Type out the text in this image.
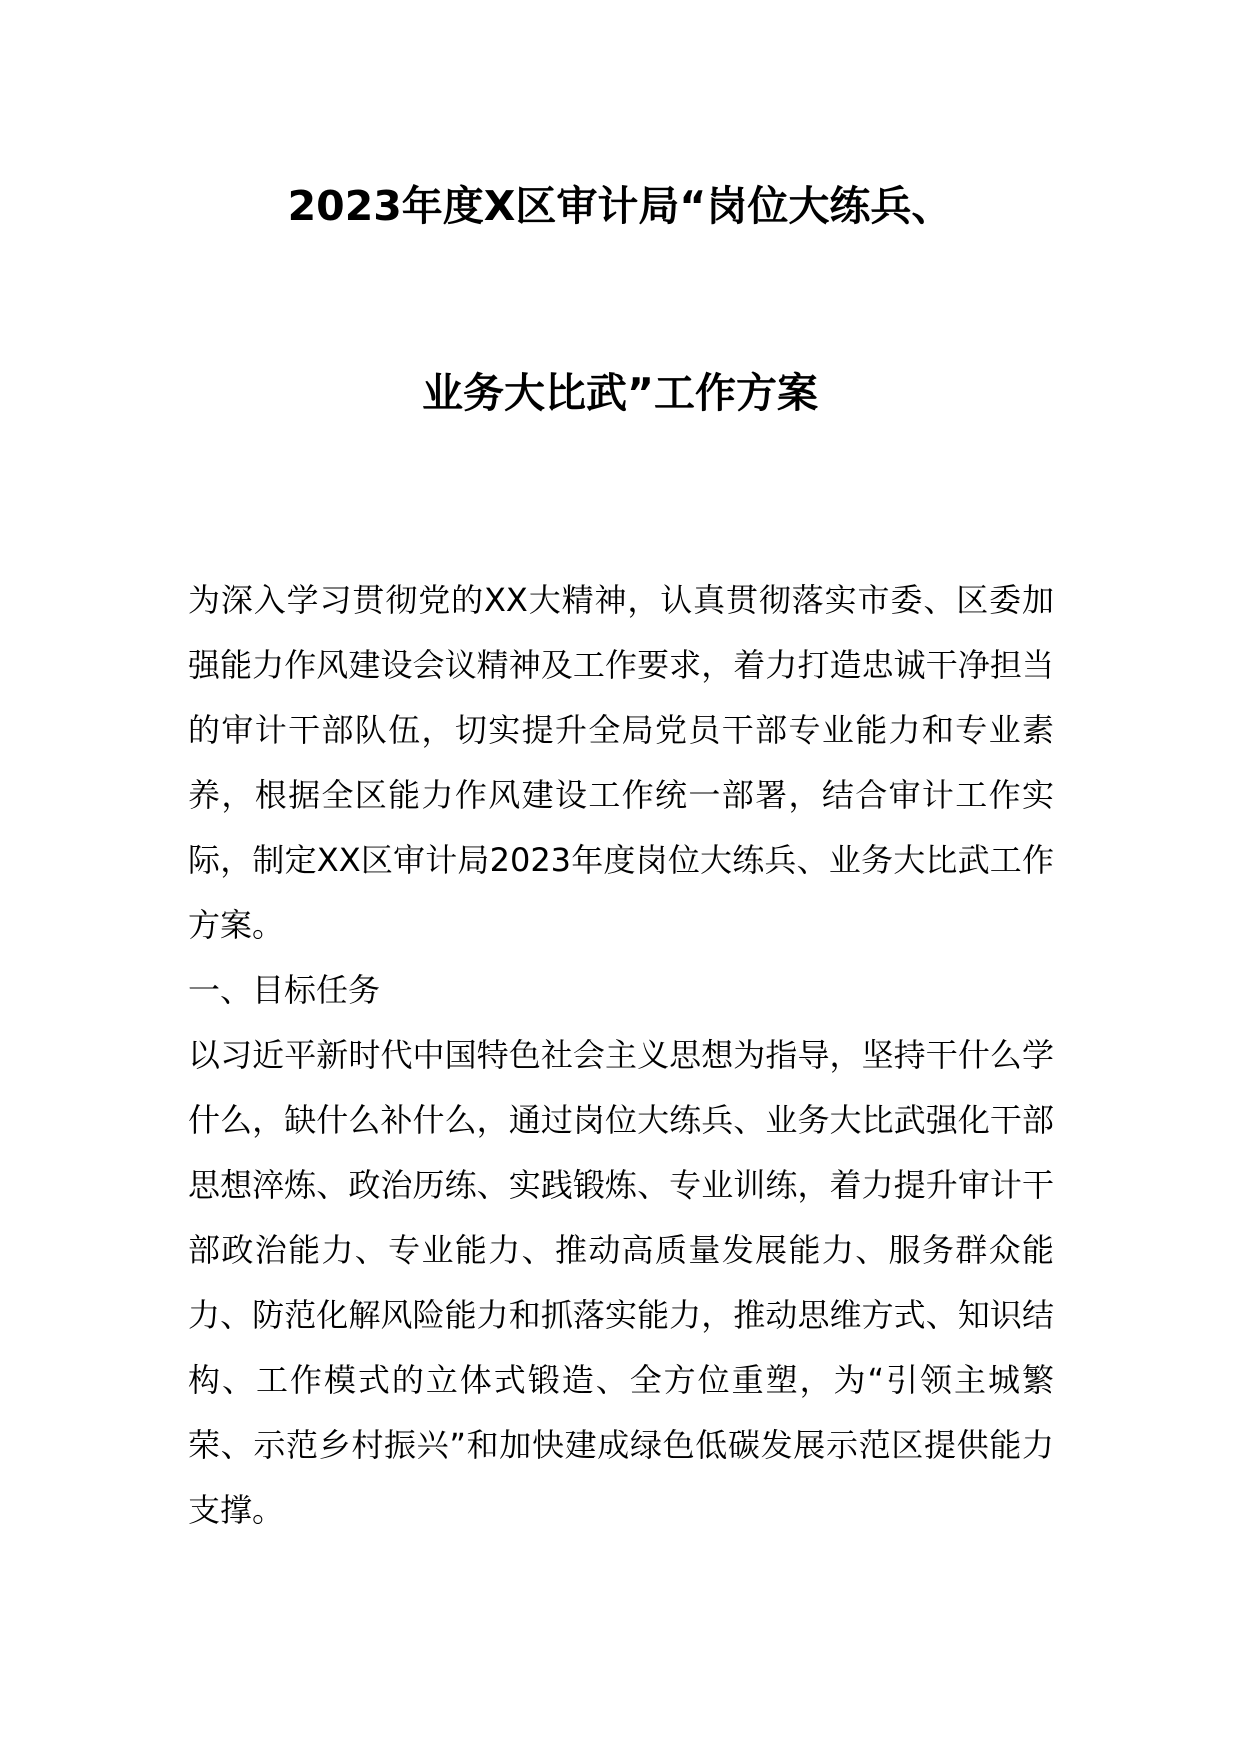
2023年度X区审计局“岗位大练兵、
业务大比武”工作方案

为深入学习贯彻党的XX大精神，认真贯彻落实市委、区委加强能力作风建设会议精神及工作要求，着力打造忠诚干净担当的审计干部队伍，切实提升全局党员干部专业能力和专业素养，根据全区能力作风建设工作统一部署，结合审计工作实际，制定XX区审计局2023年度岗位大练兵、业务大比武工作方案。

一、目标任务

以习近平新时代中国特色社会主义思想为指导，坚持干什么学什么，缺什么补什么，通过岗位大练兵、业务大比武强化干部思想淬炼、政治历练、实践锻炼、专业训练，着力提升审计干部政治能力、专业能力、推动高质量发展能力、服务群众能力、防范化解风险能力和抓落实能力，推动思维方式、知识结构、工作模式的立体式锻造、全方位重塑，为“引领主城繁荣、示范乡村振兴”和加快建成绿色低碳发展示范区提供能力支撑。
